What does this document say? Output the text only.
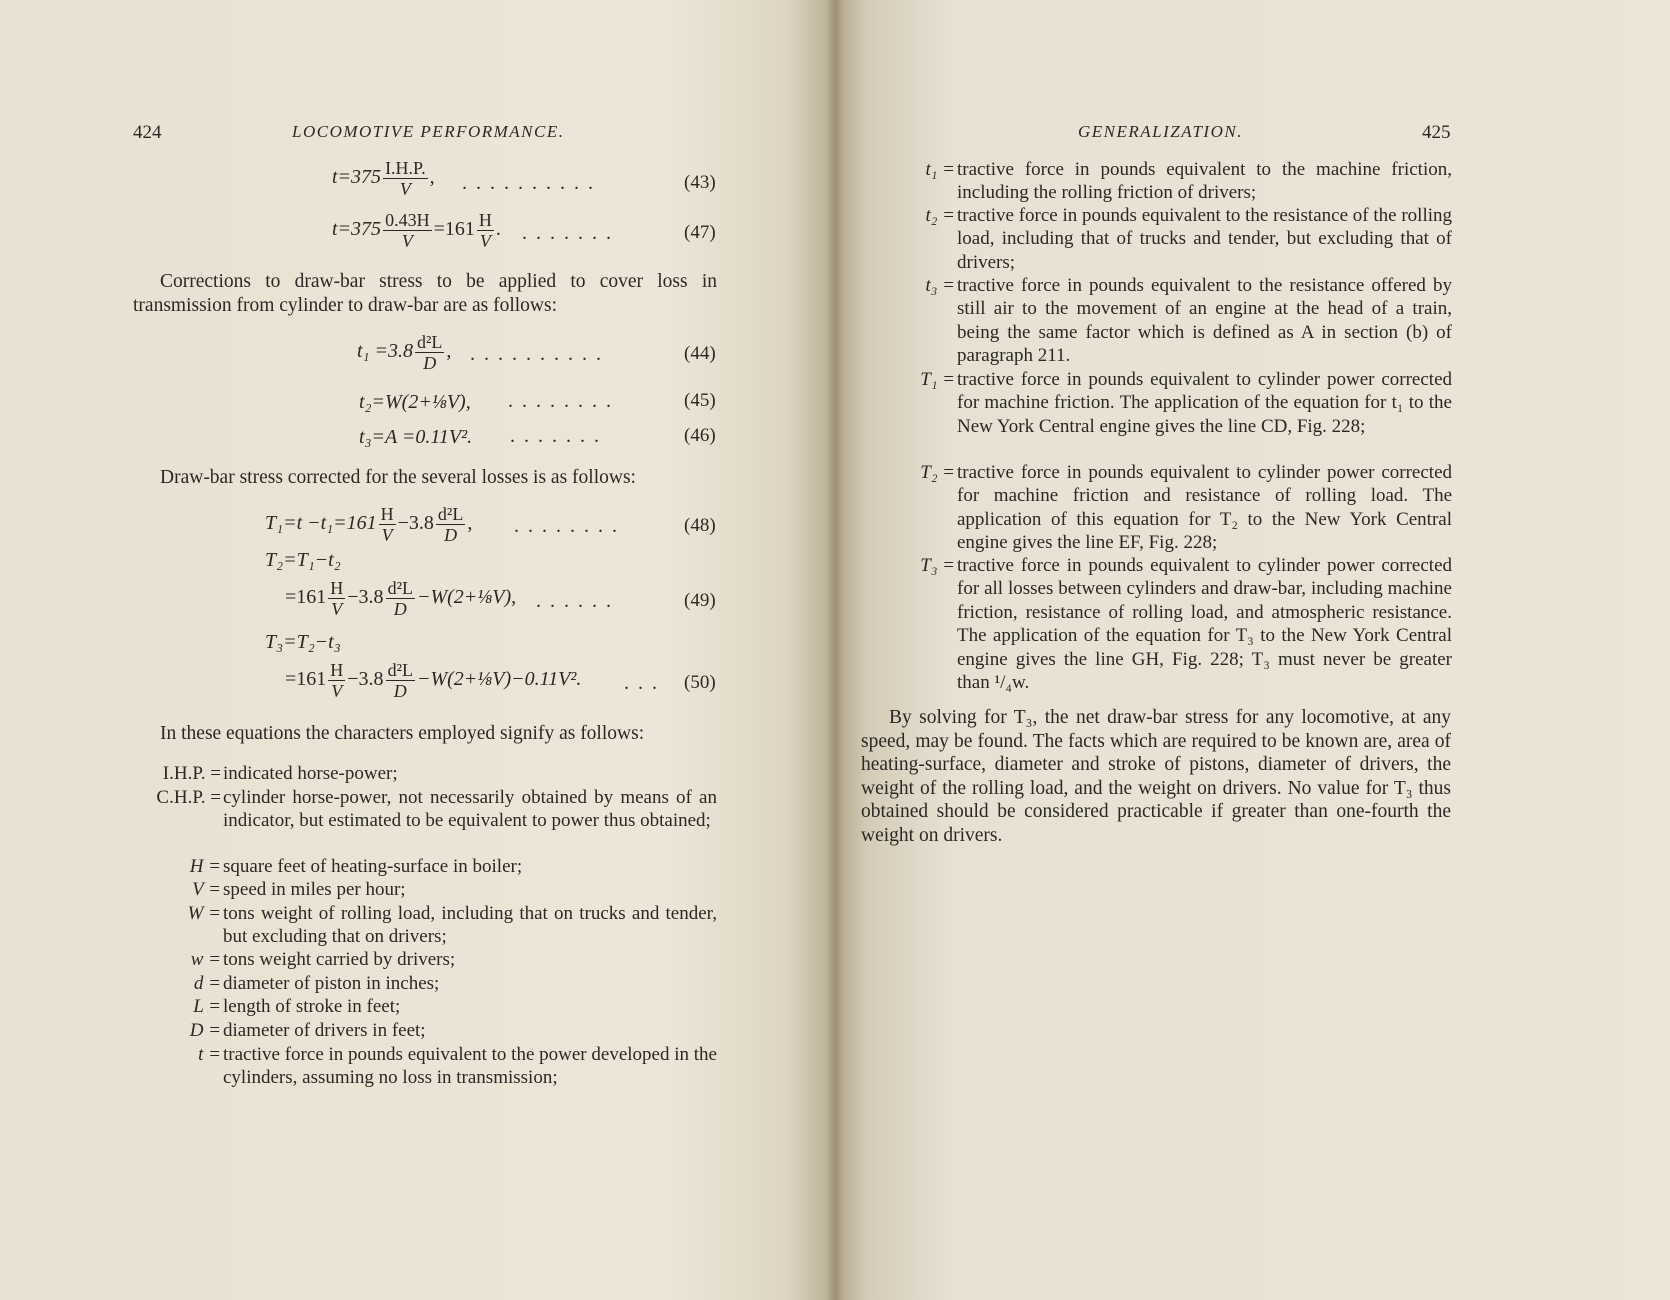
424	LOCOMOTIVE PERFORMANCE.
$t=375 \frac{I.H.P.}{V}$ , ..........	(43)
$t=375 \frac{0.43H}{V} =161 \frac{H}{V}$ . .......	(47)
Corrections to draw-bar stress to be applied to cover loss in transmission from cylinder to draw-bar are as follows:
$t_1 =3.8 \frac{\text{d²L}}{D}$ , ..........	(44)
t₂=W(2+⅛V), ........	(45)
t₃=A =0.11V². .......	(46)
Draw-bar stress corrected for the several losses is as follows:
$T_1=t -t_1=161 \frac{H}{V} -3.8 \frac{\text{d²L}}{D}$ , ........	(48)
T₂=T₁−t₂
$=161 \frac{H}{V} -3.8 \frac{\text{d²L}}{D}$ −W(2+⅛V), ......	(49)
T₃=T₂−t₃
$=161 \frac{H}{V} -3.8 \frac{\text{d²L}}{D}$ −W(2+⅛V)−0.11V². ... (50)
In these equations the characters employed signify as follows:
I.H.P. = indicated horse-power;
C.H.P. = cylinder horse-power, not necessarily obtained by means of an indicator, but estimated to be equivalent to power thus obtained;
H = square feet of heating-surface in boiler;
V = speed in miles per hour;
W = tons weight of rolling load, including that on trucks and tender, but excluding that on drivers;
w = tons weight carried by drivers;
d = diameter of piston in inches;
L = length of stroke in feet;
D = diameter of drivers in feet;
t = tractive force in pounds equivalent to the power developed in the cylinders, assuming no loss in transmission;
GENERALIZATION.	425
t₁ = tractive force in pounds equivalent to the machine friction, including the rolling friction of drivers;
t₂ = tractive force in pounds equivalent to the resistance of the rolling load, including that of trucks and tender, but excluding that of drivers;
t₃ = tractive force in pounds equivalent to the resistance offered by still air to the movement of an engine at the head of a train, being the same factor which is defined as A in section (b) of paragraph 211.
T₁ = tractive force in pounds equivalent to cylinder power corrected for machine friction. The application of the equation for t₁ to the New York Central engine gives the line CD, Fig. 228;
T₂ = tractive force in pounds equivalent to cylinder power corrected for machine friction and resistance of rolling load. The application of this equation for T₂ to the New York Central engine gives the line EF, Fig. 228;
T₃ = tractive force in pounds equivalent to cylinder power corrected for all losses between cylinders and draw-bar, including machine friction, resistance of rolling load, and atmospheric resistance. The application of the equation for T₃ to the New York Central engine gives the line GH, Fig. 228; T₃ must never be greater than ¹/₄w.
By solving for T₃, the net draw-bar stress for any locomotive, at any speed, may be found. The facts which are required to be known are, area of heating-surface, diameter and stroke of pistons, diameter of drivers, the weight of the rolling load, and the weight on drivers. No value for T₃ thus obtained should be considered practicable if greater than one-fourth the weight on drivers.
